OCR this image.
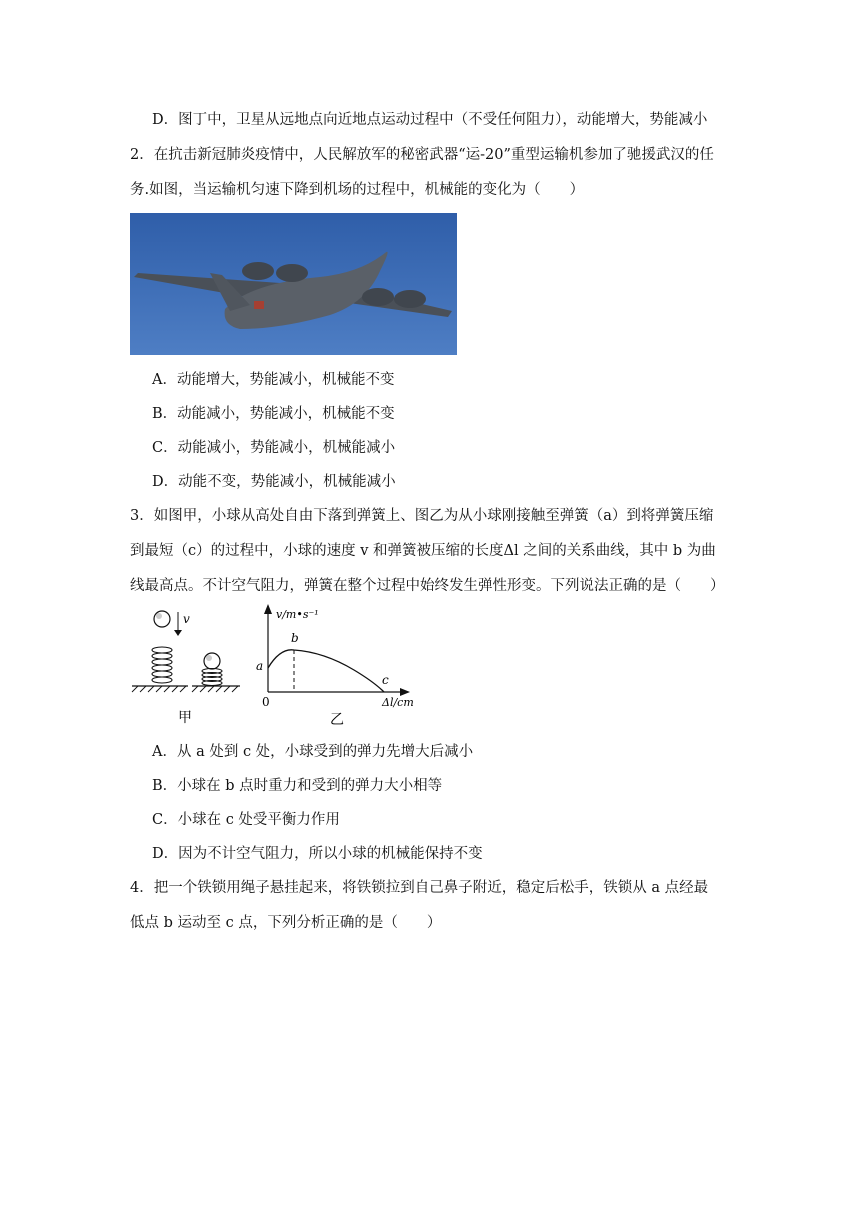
D．图丁中，卫星从远地点向近地点运动过程中（不受任何阻力），动能增大，势能减小
2．在抗击新冠肺炎疫情中，人民解放军的秘密武器“运-20”重型运输机参加了驰援武汉的任
务.如图，当运输机匀速下降到机场的过程中，机械能的变化为（　　）
A．动能增大，势能减小，机械能不变
B．动能减小，势能减小，机械能不变
C．动能减小，势能减小，机械能减小
D．动能不变，势能减小，机械能减小
3．如图甲，小球从高处自由下落到弹簧上、图乙为从小球刚接触至弹簧（a）到将弹簧压缩
到最短（c）的过程中，小球的速度 v 和弹簧被压缩的长度Δl 之间的关系曲线，其中 b 为曲
线最高点。不计空气阻力，弹簧在整个过程中始终发生弹性形变。下列说法正确的是（　　）
v
甲
v/m•s⁻¹
b
a
c
0	Δl/cm
乙
A．从 a 处到 c 处，小球受到的弹力先增大后减小
B．小球在 b 点时重力和受到的弹力大小相等
C．小球在 c 处受平衡力作用
D．因为不计空气阻力，所以小球的机械能保持不变
4．把一个铁锁用绳子悬挂起来，将铁锁拉到自己鼻子附近，稳定后松手，铁锁从 a 点经最
低点 b 运动至 c 点，下列分析正确的是（　　）
